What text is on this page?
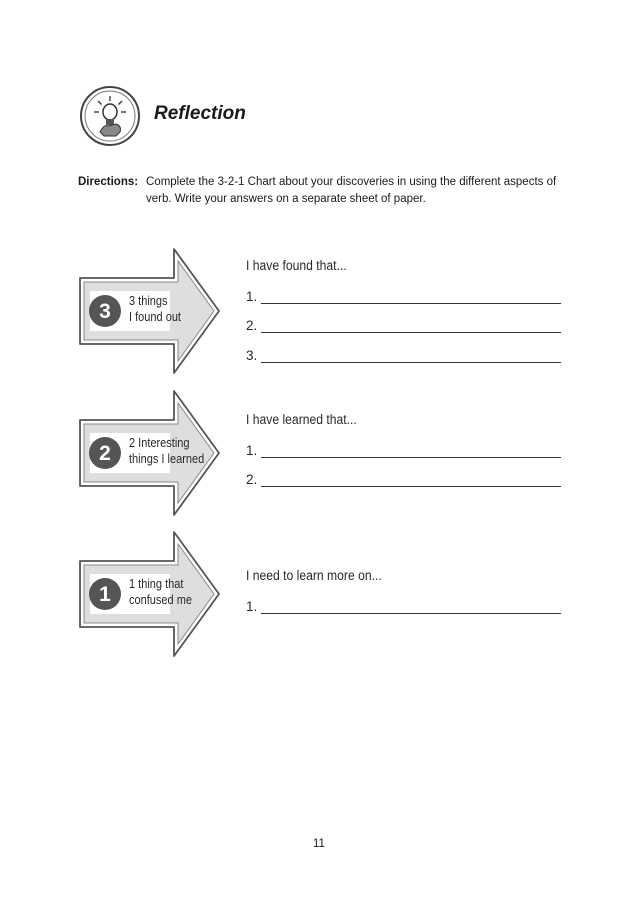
Reflection
Directions: Complete the 3-2-1 Chart about your discoveries in using the different aspects of verb. Write your answers on a separate sheet of paper.
3 3 things
I found out
I have found that...
1.
2.
3.
2 2 Interesting
things I learned
I have learned that...
1.
2.
1 1 thing that
confused me
I need to learn more on...
1.
11
